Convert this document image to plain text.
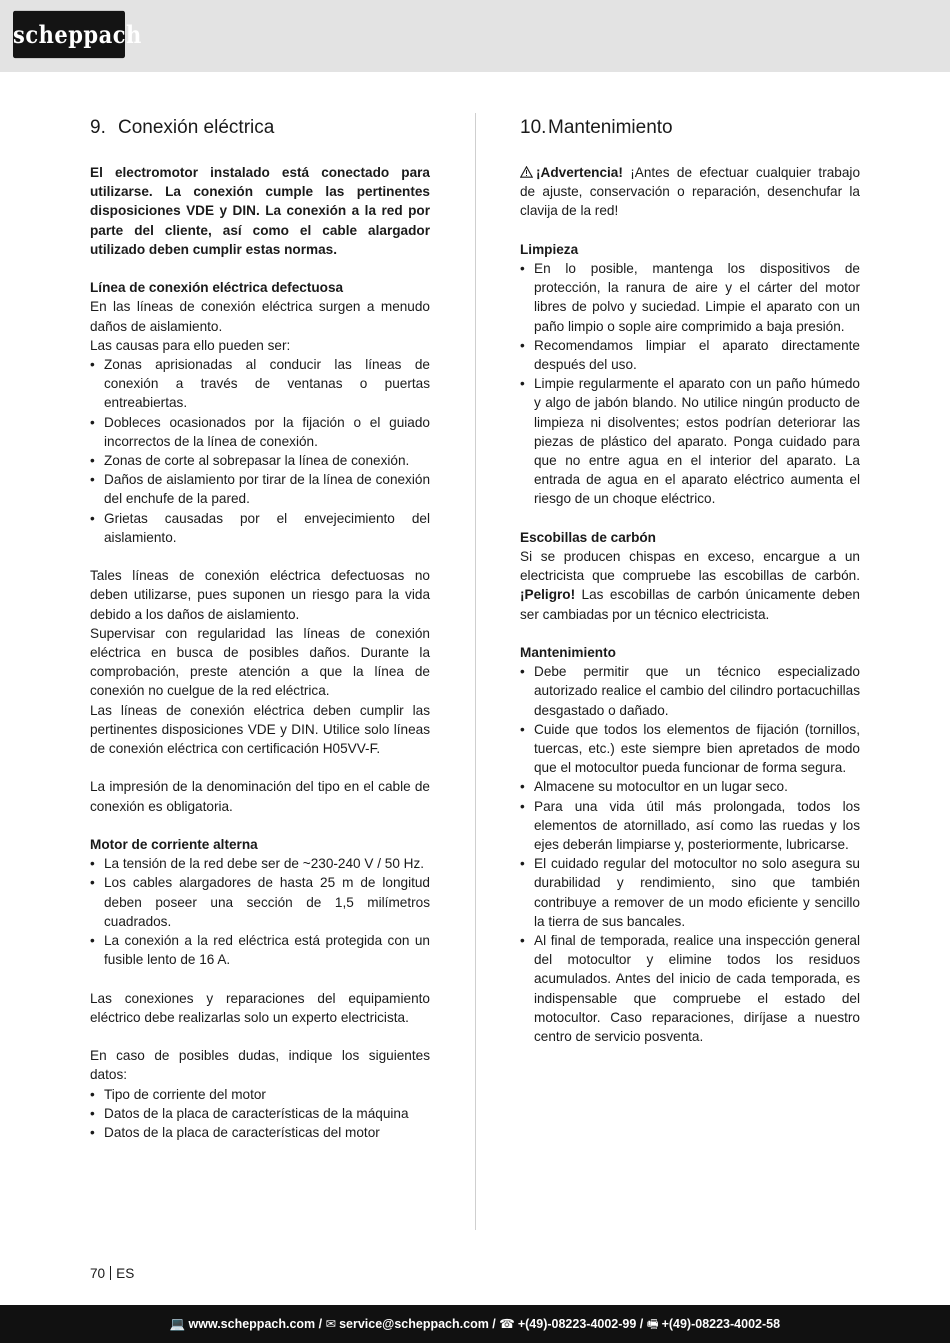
scheppach
9. Conexión eléctrica

El electromotor instalado está conectado para utilizarse. La conexión cumple las pertinentes disposiciones VDE y DIN. La conexión a la red por parte del cliente, así como el cable alargador utilizado deben cumplir estas normas.

Línea de conexión eléctrica defectuosa

En las líneas de conexión eléctrica surgen a menudo daños de aislamiento.

Las causas para ello pueden ser:

• Zonas aprisionadas al conducir las líneas de conexión a través de ventanas o puertas entreabiertas.
• Dobleces ocasionados por la fijación o el guiado incorrectos de la línea de conexión.
• Zonas de corte al sobrepasar la línea de conexión.
• Daños de aislamiento por tirar de la línea de conexión del enchufe de la pared.
• Grietas causadas por el envejecimiento del aislamiento.

Tales líneas de conexión eléctrica defectuosas no deben utilizarse, pues suponen un riesgo para la vida debido a los daños de aislamiento.

Supervisar con regularidad las líneas de conexión eléctrica en busca de posibles daños. Durante la comprobación, preste atención a que la línea de conexión no cuelgue de la red eléctrica.

Las líneas de conexión eléctrica deben cumplir las pertinentes disposiciones VDE y DIN. Utilice solo líneas de conexión eléctrica con certificación H05VV-F.

La impresión de la denominación del tipo en el cable de conexión es obligatoria.

Motor de corriente alterna

• La tensión de la red debe ser de ~230-240 V / 50 Hz.
• Los cables alargadores de hasta 25 m de longitud deben poseer una sección de 1,5 milímetros cuadrados.
• La conexión a la red eléctrica está protegida con un fusible lento de 16 A.

Las conexiones y reparaciones del equipamiento eléctrico debe realizarlas solo un experto electricista.

En caso de posibles dudas, indique los siguientes datos:

• Tipo de corriente del motor
• Datos de la placa de características de la máquina
• Datos de la placa de características del motor
10. Mantenimiento

¡Advertencia! ¡Antes de efectuar cualquier trabajo de ajuste, conservación o reparación, desenchufar la clavija de la red!

Limpieza

• En lo posible, mantenga los dispositivos de protección, la ranura de aire y el cárter del motor libres de polvo y suciedad. Limpie el aparato con un paño limpio o sople aire comprimido a baja presión.
• Recomendamos limpiar el aparato directamente después del uso.
• Limpie regularmente el aparato con un paño húmedo y algo de jabón blando. No utilice ningún producto de limpieza ni disolventes; estos podrían deteriorar las piezas de plástico del aparato. Ponga cuidado para que no entre agua en el interior del aparato. La entrada de agua en el aparato eléctrico aumenta el riesgo de un choque eléctrico.

Escobillas de carbón

Si se producen chispas en exceso, encargue a un electricista que compruebe las escobillas de carbón. ¡Peligro! Las escobillas de carbón únicamente deben ser cambiadas por un técnico electricista.

Mantenimiento

• Debe permitir que un técnico especializado autorizado realice el cambio del cilindro portacuchillas desgastado o dañado.
• Cuide que todos los elementos de fijación (tornillos, tuercas, etc.) este siempre bien apretados de modo que el motocultor pueda funcionar de forma segura.
• Almacene su motocultor en un lugar seco.
• Para una vida útil más prolongada, todos los elementos de atornillado, así como las ruedas y los ejes deberán limpiarse y, posteriormente, lubricarse.
• El cuidado regular del motocultor no solo asegura su durabilidad y rendimiento, sino que también contribuye a remover de un modo eficiente y sencillo la tierra de sus bancales.
• Al final de temporada, realice una inspección general del motocultor y elimine todos los residuos acumulados. Antes del inicio de cada temporada, es indispensable que compruebe el estado del motocultor. Caso reparaciones, diríjase a nuestro centro de servicio posventa.
70 ES
💻 www.scheppach.com / ✉ service@scheppach.com / ☎ +(49)-08223-4002-99 / 🖷 +(49)-08223-4002-58
